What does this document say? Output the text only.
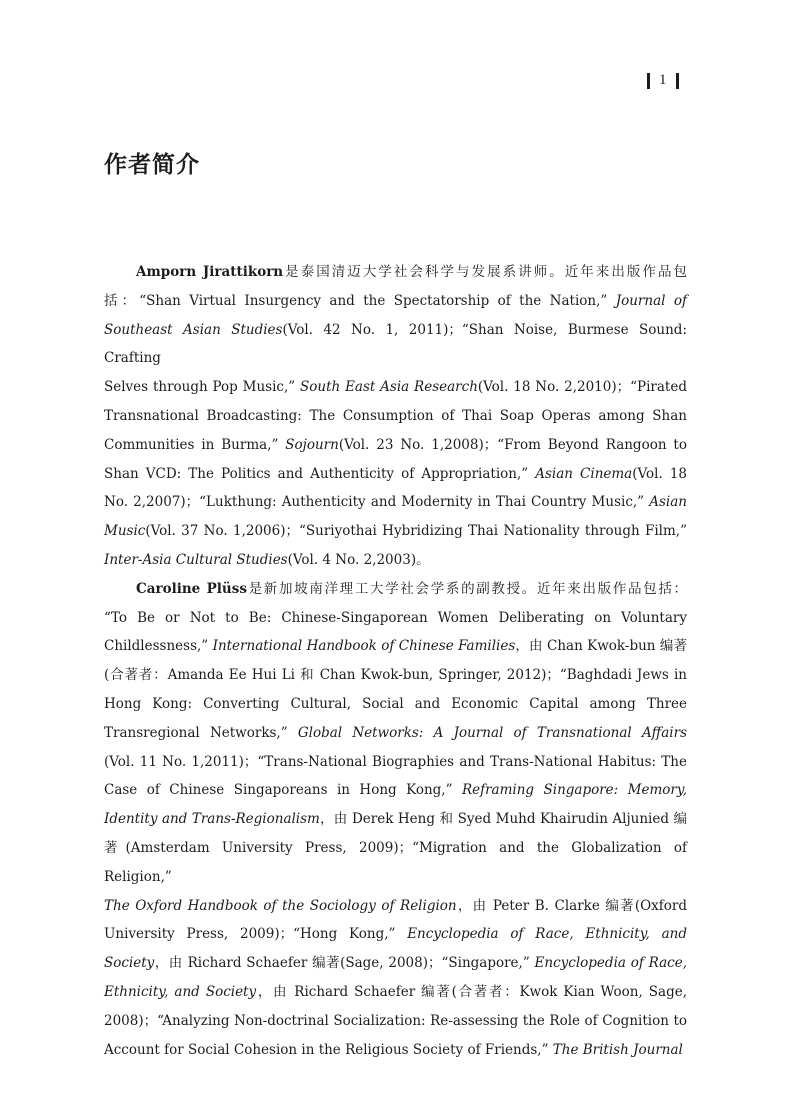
1
作者简介

Amporn Jirattikorn是泰国清迈大学社会科学与发展系讲师。近年来出版作品包
括：“Shan Virtual Insurgency and the Spectatorship of the Nation,” Journal of
Southeast Asian Studies(Vol. 42 No. 1, 2011)；“Shan Noise, Burmese Sound: Crafting
Selves through Pop Music,” South East Asia Research(Vol. 18 No. 2,2010)；“Pirated
Transnational Broadcasting: The Consumption of Thai Soap Operas among Shan
Communities in Burma,” Sojourn(Vol. 23 No. 1,2008)；“From Beyond Rangoon to
Shan VCD: The Politics and Authenticity of Appropriation,” Asian Cinema(Vol. 18
No. 2,2007)；“Lukthung: Authenticity and Modernity in Thai Country Music,” Asian
Music(Vol. 37 No. 1,2006)；“Suriyothai Hybridizing Thai Nationality through Film,”
Inter-Asia Cultural Studies(Vol. 4 No. 2,2003)。

Caroline Plüss是新加坡南洋理工大学社会学系的副教授。近年来出版作品包括：
“To Be or Not to Be: Chinese-Singaporean Women Deliberating on Voluntary
Childlessness,” International Handbook of Chinese Families，由 Chan Kwok-bun 编著
(合著者：Amanda Ee Hui Li 和 Chan Kwok-bun, Springer, 2012)；“Baghdadi Jews in
Hong Kong: Converting Cultural, Social and Economic Capital among Three
Transregional Networks,” Global Networks: A Journal of Transnational Affairs
(Vol. 11 No. 1,2011)；“Trans-National Biographies and Trans-National Habitus: The
Case of Chinese Singaporeans in Hong Kong,” Reframing Singapore: Memory,
Identity and Trans-Regionalism，由 Derek Heng 和 Syed Muhd Khairudin Aljunied 编
著(Amsterdam University Press, 2009)；“Migration and the Globalization of Religion,”
The Oxford Handbook of the Sociology of Religion，由 Peter B. Clarke 编著(Oxford
University Press, 2009)；“Hong Kong,” Encyclopedia of Race, Ethnicity, and
Society，由 Richard Schaefer 编著(Sage, 2008)；“Singapore,” Encyclopedia of Race,
Ethnicity, and Society，由 Richard Schaefer 编著(合著者：Kwok Kian Woon, Sage,
2008)；“Analyzing Non-doctrinal Socialization: Re-assessing the Role of Cognition to
Account for Social Cohesion in the Religious Society of Friends,” The British Journal
